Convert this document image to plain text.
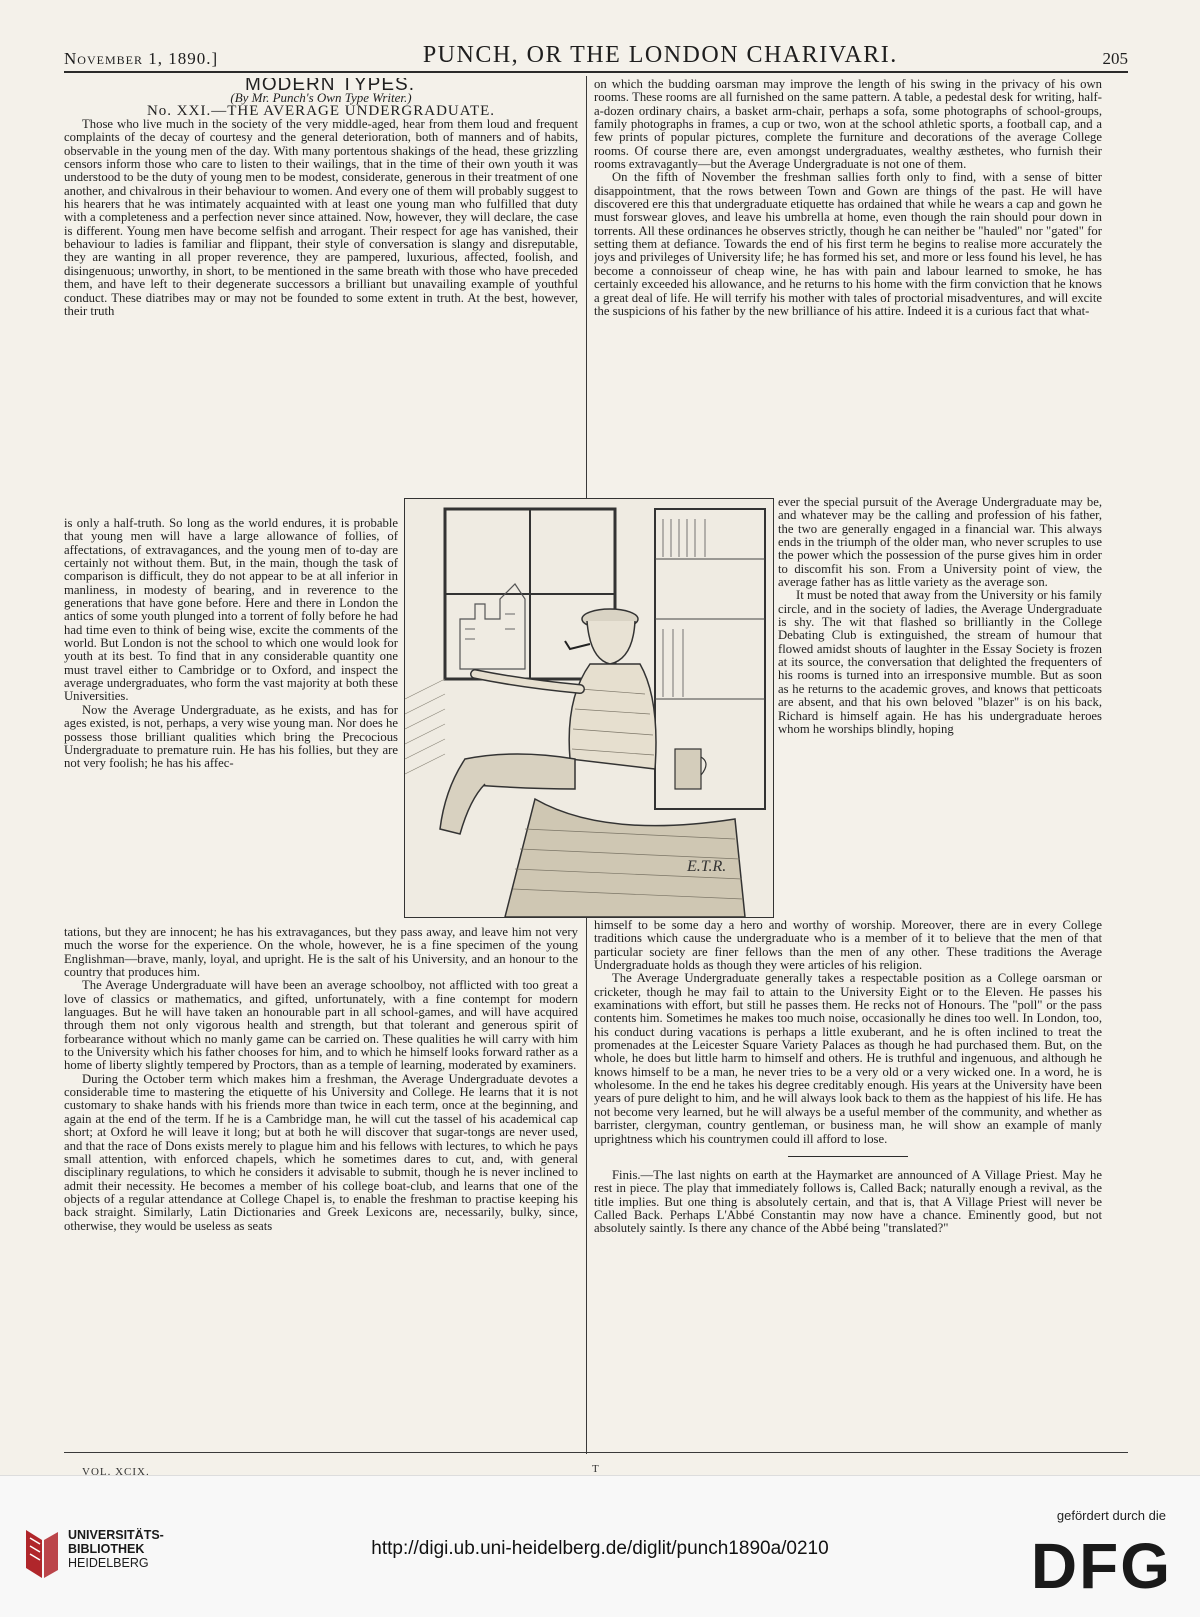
November 1, 1890.]	PUNCH, OR THE LONDON CHARIVARI.	205

MODERN TYPES.

(By Mr. Punch's Own Type Writer.)

No. XXI.—THE AVERAGE UNDERGRADUATE.

Those who live much in the society of the very middle-aged, hear from them loud and frequent complaints of the decay of courtesy and the general deterioration, both of manners and of habits, observable in the young men of the day. With many portentous shakings of the head, these grizzling censors inform those who care to listen to their wailings, that in the time of their own youth it was understood to be the duty of young men to be modest, considerate, generous in their treatment of one another, and chivalrous in their behaviour to women. And every one of them will probably suggest to his hearers that he was intimately acquainted with at least one young man who fulfilled that duty with a completeness and a perfection never since attained. Now, however, they will declare, the case is different. Young men have become selfish and arrogant. Their respect for age has vanished, their behaviour to ladies is familiar and flippant, their style of conversation is slangy and disreputable, they are wanting in all proper reverence, they are pampered, luxurious, affected, foolish, and disingenuous; unworthy, in short, to be mentioned in the same breath with those who have preceded them, and have left to their degenerate successors a brilliant but unavailing example of youthful conduct. These diatribes may or may not be founded to some extent in truth. At the best, however, their truth

is only a half-truth. So long as the world endures, it is probable that young men will have a large allowance of follies, of affectations, of extravagances, and the young men of to-day are certainly not without them. But, in the main, though the task of comparison is difficult, they do not appear to be at all inferior in manliness, in modesty of bearing, and in reverence to the generations that have gone before. Here and there in London the antics of some youth plunged into a torrent of folly before he had had time even to think of being wise, excite the comments of the world. But London is not the school to which one would look for youth at its best. To find that in any considerable quantity one must travel either to Cambridge or to Oxford, and inspect the average undergraduates, who form the vast majority at both these Universities.

Now the Average Undergraduate, as he exists, and has for ages existed, is not, perhaps, a very wise young man. Nor does he possess those brilliant qualities which bring the Precocious Undergraduate to premature ruin. He has his follies, but they are not very foolish; he has his affec-

E.T.R.

tations, but they are innocent; he has his extravagances, but they pass away, and leave him not very much the worse for the experience. On the whole, however, he is a fine specimen of the young Englishman—brave, manly, loyal, and upright. He is the salt of his University, and an honour to the country that produces him.

The Average Undergraduate will have been an average schoolboy, not afflicted with too great a love of classics or mathematics, and gifted, unfortunately, with a fine contempt for modern languages. But he will have taken an honourable part in all school-games, and will have acquired through them not only vigorous health and strength, but that tolerant and generous spirit of forbearance without which no manly game can be carried on. These qualities he will carry with him to the University which his father chooses for him, and to which he himself looks forward rather as a home of liberty slightly tempered by Proctors, than as a temple of learning, moderated by examiners.

During the October term which makes him a freshman, the Average Undergraduate devotes a considerable time to mastering the etiquette of his University and College. He learns that it is not customary to shake hands with his friends more than twice in each term, once at the beginning, and again at the end of the term. If he is a Cambridge man, he will cut the tassel of his academical cap short; at Oxford he will leave it long; but at both he will discover that sugar-tongs are never used, and that the race of Dons exists merely to plague him and his fellows with lectures, to which he pays small attention, with enforced chapels, which he sometimes dares to cut, and, with general disciplinary regulations, to which he considers it advisable to submit, though he is never inclined to admit their necessity. He becomes a member of his college boat-club, and learns that one of the objects of a regular attendance at College Chapel is, to enable the freshman to practise keeping his back straight. Similarly, Latin Dictionaries and Greek Lexicons are, necessarily, bulky, since, otherwise, they would be useless as seats

on which the budding oarsman may improve the length of his swing in the privacy of his own rooms. These rooms are all furnished on the same pattern. A table, a pedestal desk for writing, half-a-dozen ordinary chairs, a basket arm-chair, perhaps a sofa, some photographs of school-groups, family photographs in frames, a cup or two, won at the school athletic sports, a football cap, and a few prints of popular pictures, complete the furniture and decorations of the average College rooms. Of course there are, even amongst undergraduates, wealthy æsthetes, who furnish their rooms extravagantly—but the Average Undergraduate is not one of them.

On the fifth of November the freshman sallies forth only to find, with a sense of bitter disappointment, that the rows between Town and Gown are things of the past. He will have discovered ere this that undergraduate etiquette has ordained that while he wears a cap and gown he must forswear gloves, and leave his umbrella at home, even though the rain should pour down in torrents. All these ordinances he observes strictly, though he can neither be "hauled" nor "gated" for setting them at defiance. Towards the end of his first term he begins to realise more accurately the joys and privileges of University life; he has formed his set, and more or less found his level, he has become a connoisseur of cheap wine, he has with pain and labour learned to smoke, he has certainly exceeded his allowance, and he returns to his home with the firm conviction that he knows a great deal of life. He will terrify his mother with tales of proctorial misadventures, and will excite the suspicions of his father by the new brilliance of his attire. Indeed it is a curious fact that what-

ever the special pursuit of the Average Undergraduate may be, and whatever may be the calling and profession of his father, the two are generally engaged in a financial war. This always ends in the triumph of the older man, who never scruples to use the power which the possession of the purse gives him in order to discomfit his son. From a University point of view, the average father has as little variety as the average son.

It must be noted that away from the University or his family circle, and in the society of ladies, the Average Undergraduate is shy. The wit that flashed so brilliantly in the College Debating Club is extinguished, the stream of humour that flowed amidst shouts of laughter in the Essay Society is frozen at its source, the conversation that delighted the frequenters of his rooms is turned into an irresponsive mumble. But as soon as he returns to the academic groves, and knows that petticoats are absent, and that his own beloved "blazer" is on his back, Richard is himself again. He has his undergraduate heroes whom he worships blindly, hoping

himself to be some day a hero and worthy of worship. Moreover, there are in every College traditions which cause the undergraduate who is a member of it to believe that the men of that particular society are finer fellows than the men of any other. These traditions the Average Undergraduate holds as though they were articles of his religion.

The Average Undergraduate generally takes a respectable position as a College oarsman or cricketer, though he may fail to attain to the University Eight or to the Eleven. He passes his examinations with effort, but still he passes them. He recks not of Honours. The "poll" or the pass contents him. Sometimes he makes too much noise, occasionally he dines too well. In London, too, his conduct during vacations is perhaps a little exuberant, and he is often inclined to treat the promenades at the Leicester Square Variety Palaces as though he had purchased them. But, on the whole, he does but little harm to himself and others. He is truthful and ingenuous, and although he knows himself to be a man, he never tries to be a very old or a very wicked one. In a word, he is wholesome. In the end he takes his degree creditably enough. His years at the University have been years of pure delight to him, and he will always look back to them as the happiest of his life. He has not become very learned, but he will always be a useful member of the community, and whether as barrister, clergyman, country gentleman, or business man, he will show an example of manly uprightness which his countrymen could ill afford to lose.

Finis.—The last nights on earth at the Haymarket are announced of A Village Priest. May he rest in piece. The play that immediately follows is, Called Back; naturally enough a revival, as the title implies. But one thing is absolutely certain, and that is, that A Village Priest will never be Called Back. Perhaps L'Abbé Constantin may now have a chance. Eminently good, but not absolutely saintly. Is there any chance of the Abbé being "translated?"

VOL. XCIX.	T
UNIVERSITÄTS-
BIBLIOTHEK
HEIDELBERG
http://digi.ub.uni-heidelberg.de/diglit/punch1890a/0210
gefördert durch die
DFG
